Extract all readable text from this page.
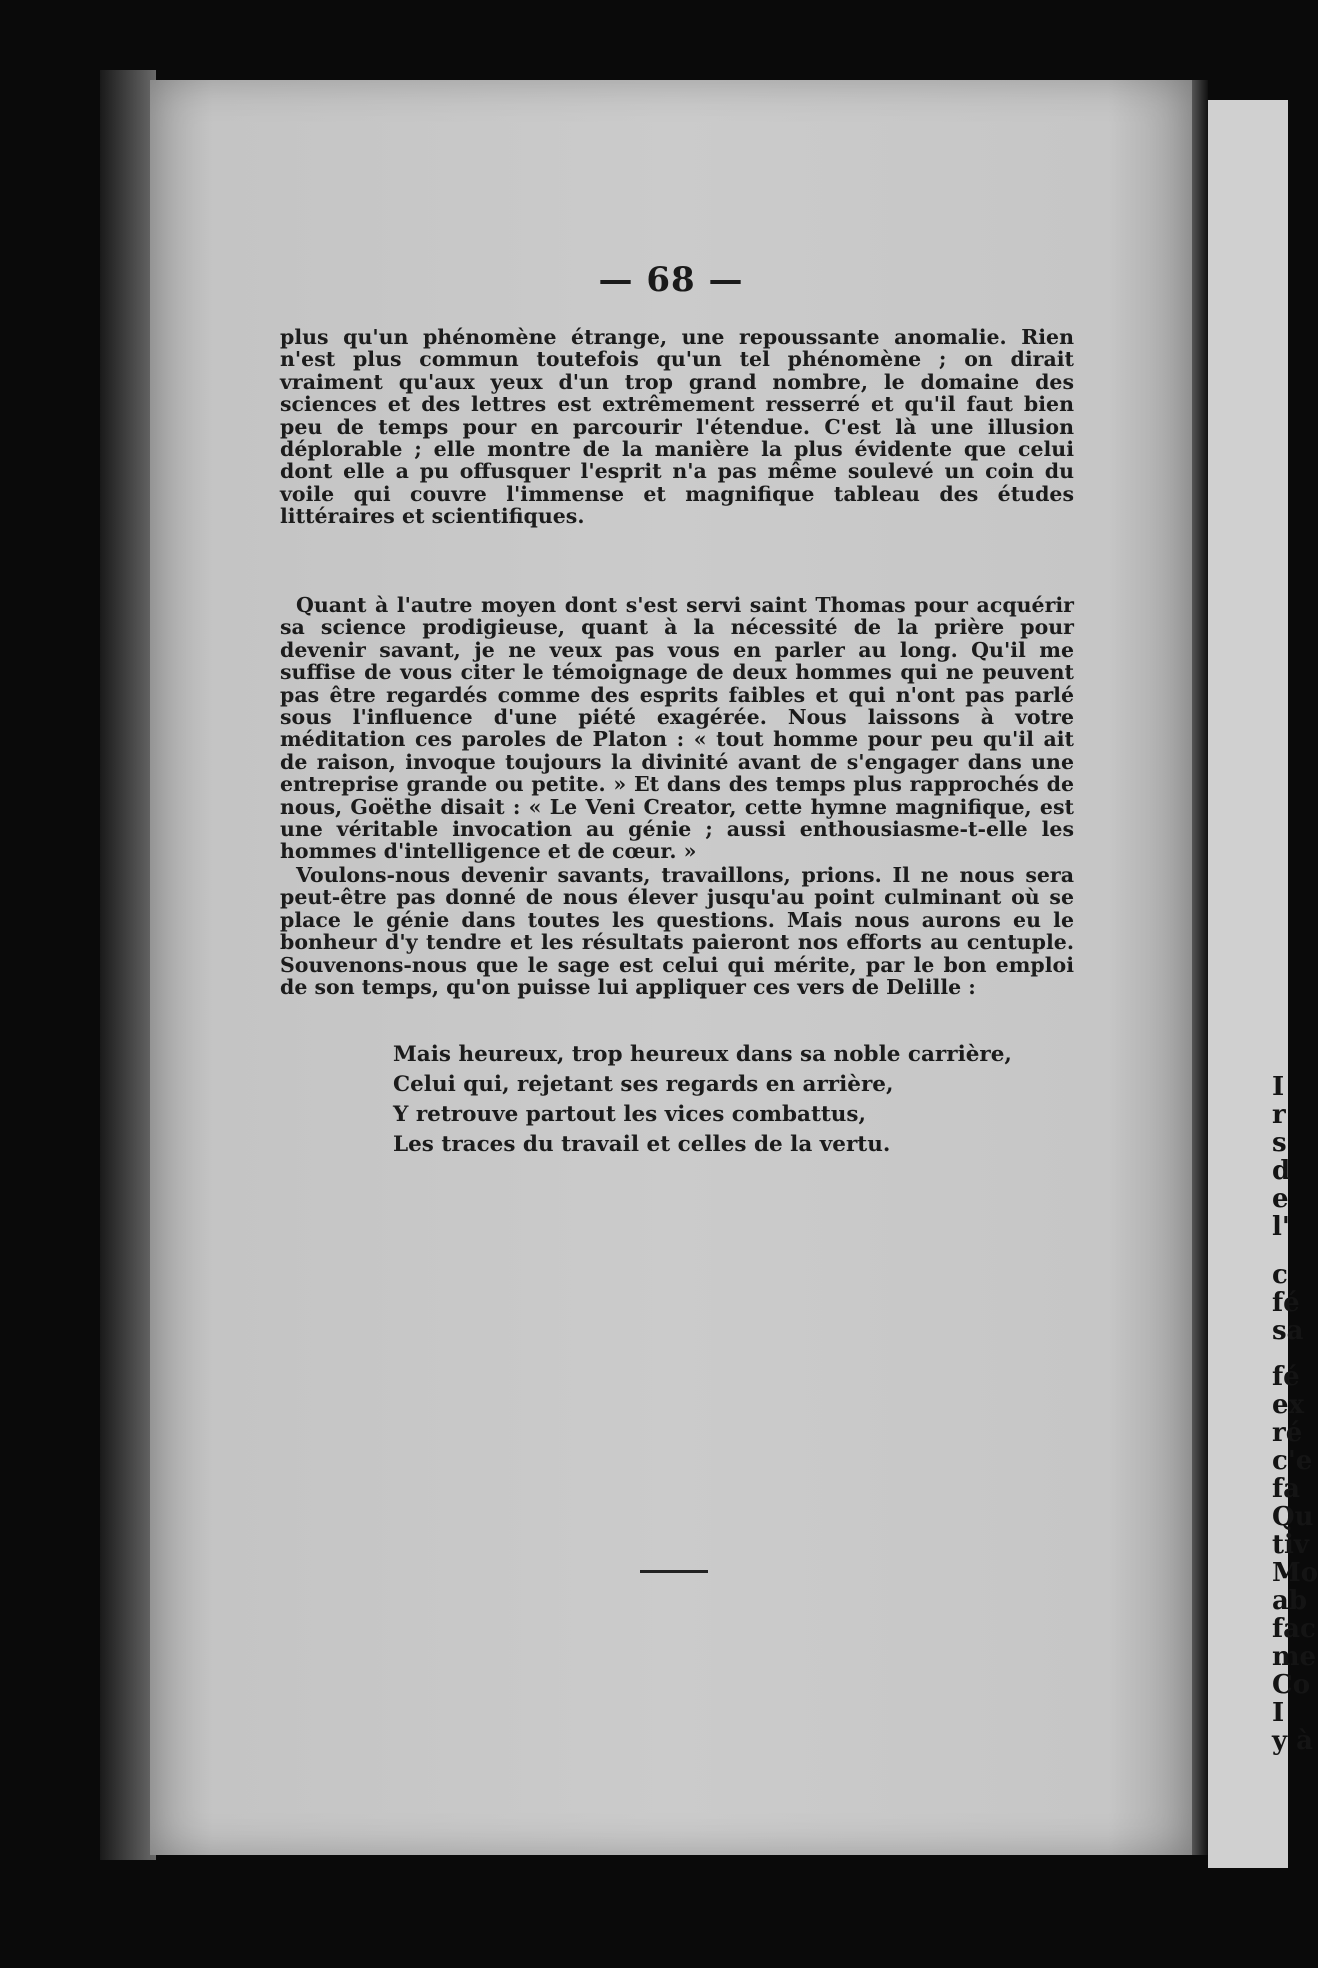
— 68 —

plus qu'un phénomène étrange, une repoussante anomalie. Rien n'est plus commun toutefois qu'un tel phénomène ; on dirait vraiment qu'aux yeux d'un trop grand nombre, le domaine des sciences et des lettres est extrêmement resserré et qu'il faut bien peu de temps pour en parcourir l'étendue. C'est là une illusion déplorable ; elle montre de la manière la plus évidente que celui dont elle a pu offusquer l'esprit n'a pas même soulevé un coin du voile qui couvre l'immense et magnifique tableau des études littéraires et scientifiques.

Quant à l'autre moyen dont s'est servi saint Thomas pour acquérir sa science prodigieuse, quant à la nécessité de la prière pour devenir savant, je ne veux pas vous en parler au long. Qu'il me suffise de vous citer le témoignage de deux hommes qui ne peuvent pas être regardés comme des esprits faibles et qui n'ont pas parlé sous l'influence d'une piété exagérée. Nous laissons à votre méditation ces paroles de Platon : « tout homme pour peu qu'il ait de raison, invoque toujours la divinité avant de s'engager dans une entreprise grande ou petite. » Et dans des temps plus rapprochés de nous, Goëthe disait : « Le Veni Creator, cette hymne magnifique, est une véritable invocation au génie ; aussi enthousiasme-t-elle les hommes d'intelligence et de cœur. »

Voulons-nous devenir savants, travaillons, prions. Il ne nous sera peut-être pas donné de nous élever jusqu'au point culminant où se place le génie dans toutes les questions. Mais nous aurons eu le bonheur d'y tendre et les résultats paieront nos efforts au centuple. Souvenons-nous que le sage est celui qui mérite, par le bon emploi de son temps, qu'on puisse lui appliquer ces vers de Delille :

Mais heureux, trop heureux dans sa noble carrière,
Celui qui, rejetant ses regards en arrière,
Y retrouve partout les vices combattus,
Les traces du travail et celles de la vertu.
I
r
s
d
e
l'
c
fé
sa
fé
ex
ré
c'e
fa
Qu
tiv
Mo
ab
fac
me
Co
I
y à
